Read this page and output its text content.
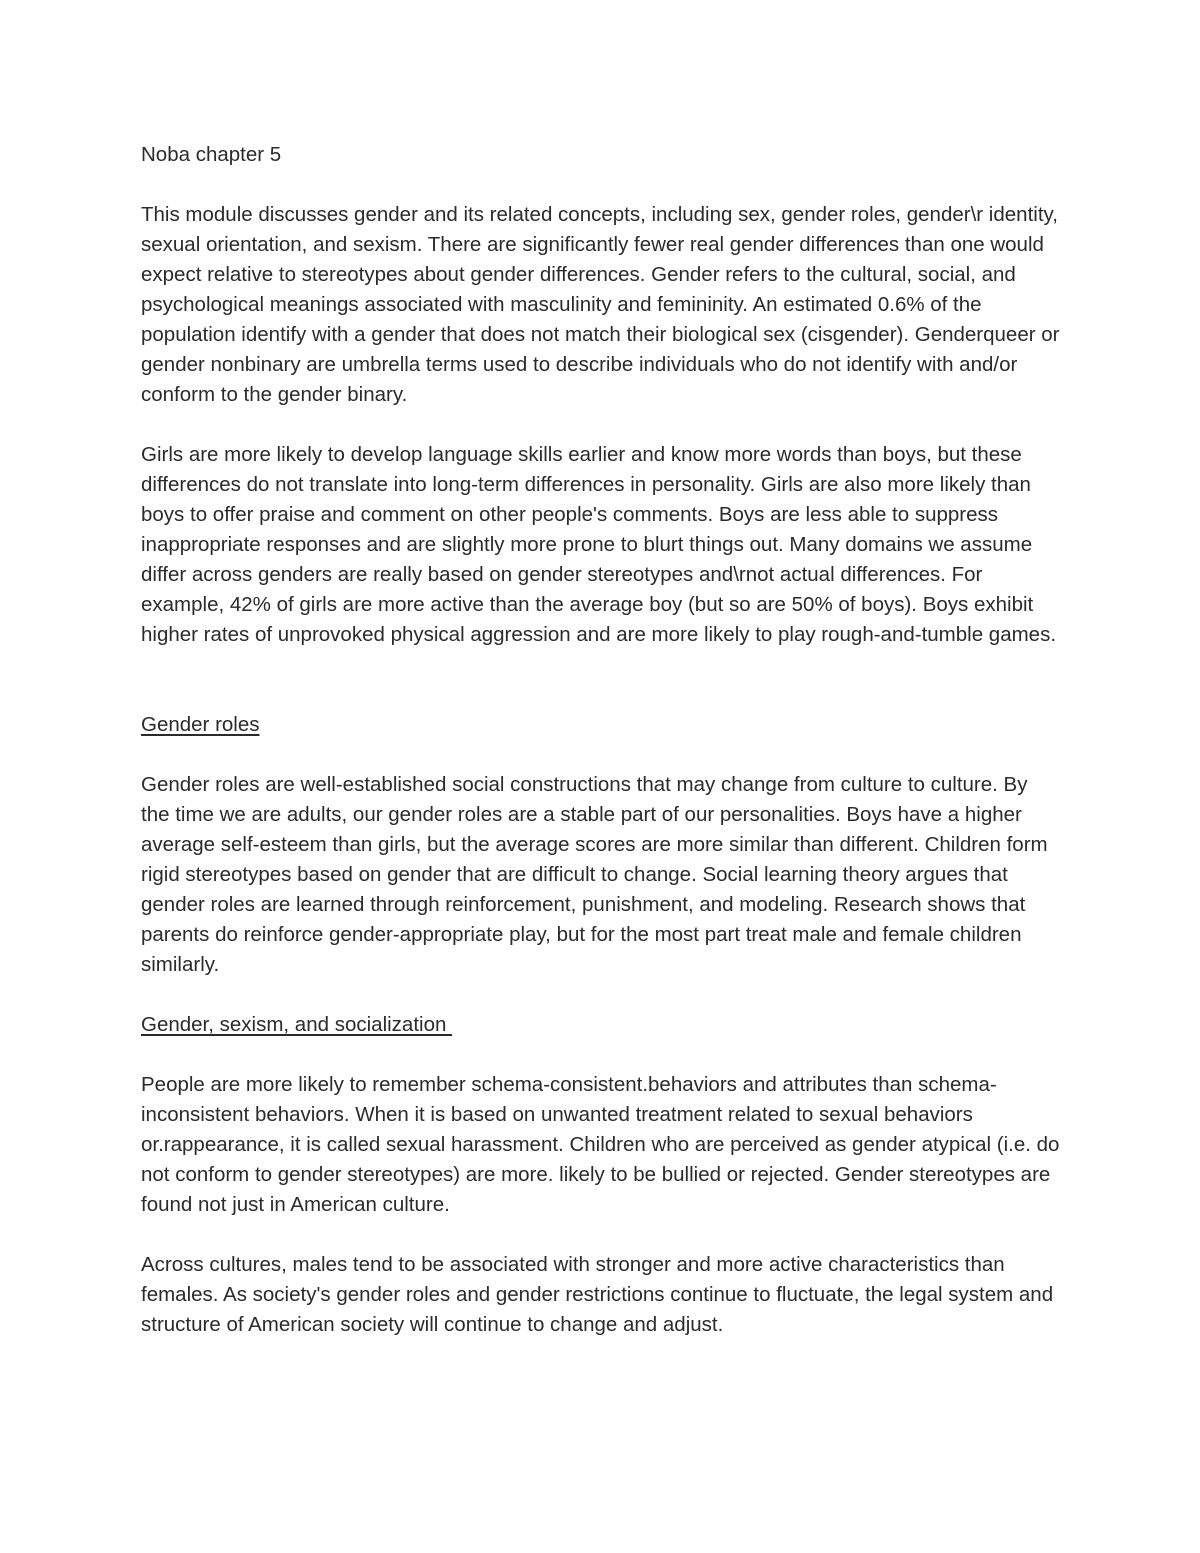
Noba chapter 5

This module discusses gender and its related concepts, including sex, gender roles, gender\r identity, sexual orientation, and sexism. There are significantly fewer real gender differences than one would expect relative to stereotypes about gender differences. Gender refers to the cultural, social, and psychological meanings associated with masculinity and femininity. An estimated 0.6% of the population identify with a gender that does not match their biological sex (cisgender). Genderqueer or gender nonbinary are umbrella terms used to describe individuals who do not identify with and/or conform to the gender binary.

Girls are more likely to develop language skills earlier and know more words than boys, but these differences do not translate into long-term differences in personality. Girls are also more likely than boys to offer praise and comment on other people's comments. Boys are less able to suppress inappropriate responses and are slightly more prone to blurt things out. Many domains we assume differ across genders are really based on gender stereotypes and\rnot actual differences. For example, 42% of girls are more active than the average boy (but so are 50% of boys). Boys exhibit higher rates of unprovoked physical aggression and are more likely to play rough-and-tumble games.

Gender roles

Gender roles are well-established social constructions that may change from culture to culture. By the time we are adults, our gender roles are a stable part of our personalities. Boys have a higher average self-esteem than girls, but the average scores are more similar than different. Children form rigid stereotypes based on gender that are difficult to change. Social learning theory argues that gender roles are learned through reinforcement, punishment, and modeling. Research shows that parents do reinforce gender-appropriate play, but for the most part treat male and female children similarly.

Gender, sexism, and socialization

People are more likely to remember schema-consistent.behaviors and attributes than schema-inconsistent behaviors. When it is based on unwanted treatment related to sexual behaviors or.rappearance, it is called sexual harassment. Children who are perceived as gender atypical (i.e. do not conform to gender stereotypes) are more. likely to be bullied or rejected. Gender stereotypes are found not just in American culture.

Across cultures, males tend to be associated with stronger and more active characteristics than females. As society's gender roles and gender restrictions continue to fluctuate, the legal system and structure of American society will continue to change and adjust.
